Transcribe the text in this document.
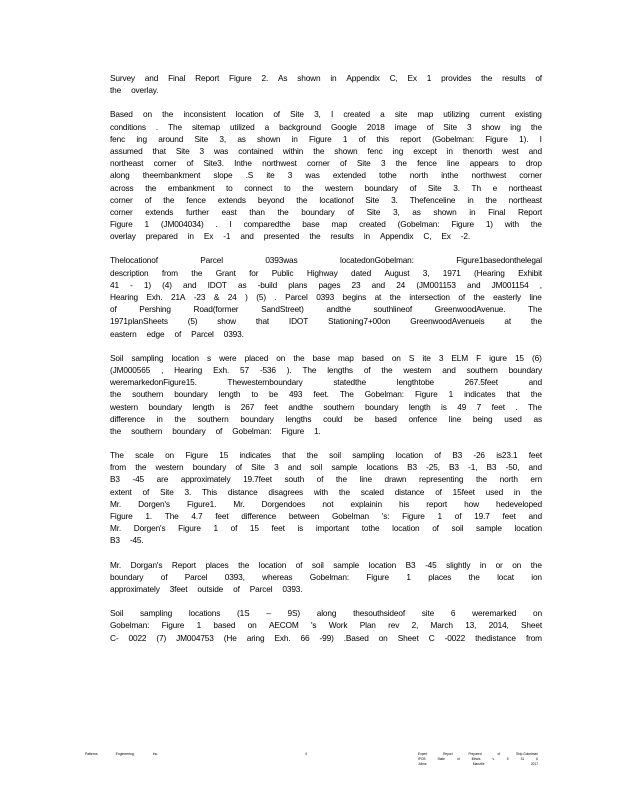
Survey and Final Report Figure 2. As shown in Appendix C, Ex 1 provides the results of
the overlay.
Based on the inconsistent location of Site 3, I created a site map utilizing current existing
conditions . The sitemap utilized a background Google 2018 image of Site 3 show ing the
fenc ing around Site 3, as shown in Figure 1 of this report (Gobelman: Figure 1). I
assumed that Site 3 was contained within the shown fenc ing except in thenorth west and
northeast corner of Site3. Inthe northwest corner of Site 3 the fence line appears to drop
along theembankment slope .S ite 3 was extended tothe north inthe northwest corner
across the embankment to connect to the western boundary of Site 3. Th e northeast
corner of the fence extends beyond the locationof Site 3. Thefenceline in the northeast
corner extends further east than the boundary of Site 3, as shown in Final Report
Figure 1 (JM004034) . I comparedthe base map created (Gobelman: Figure 1) with the
overlay prepared in Ex -1 and presented the results in Appendix C, Ex -2.
Thelocationof	Parcel	0393was	locatedonGobelman:	Figure1basedonthelegal
description from the Grant for Public Highway dated August 3, 1971 (Hearing Exhibit
41 - 1) (4) and IDOT as -build plans pages 23 and 24 (JM001153 and JM001154 ,
Hearing Exh. 21A -23 & 24 ) (5) . Parcel 0393 begins at the intersection of the easterly line
of	Pershing	Road(former	SandStreet)	andthe	southlineof	GreenwoodAvenue.	The
1971planSheets (5) show that IDOT Stationing7+00on GreenwoodAvenueis at the
eastern edge of Parcel 0393.
Soil sampling location s were placed on the base map based on S ite 3 ELM F igure 15 (6)
(JM000565 , Hearing Exh. 57 -536 ). The lengths of the western and southern boundary
weremarkedonFigure15.	Thewesternboundary	statedthe	lengthtobe	267.5feet	and
the southern boundary length to be 493 feet. The Gobelman: Figure 1 indicates that the
western boundary length is 267 feet andthe southern boundary length is 49 7 feet . The
difference in the southern boundary lengths could be based onfence line being used as
the southern boundary of Gobelman: Figure 1.
The scale on Figure 15 indicates that the soil sampling location of B3 -26 is23.1 feet
from the western boundary of Site 3 and soil sample locations B3 -25, B3 -1, B3 -50, and
B3 -45 are approximately 19.7feet south of the line drawn representing the north ern
extent of Site 3. This distance disagrees with the scaled distance of 15feet used in the
Mr. Dorgen's Figure1. Mr. Dorgendoes not explainin his report how hedeveloped
Figure 1. The 4.7 feet difference between Gobelman 's: Figure 1 of 19.7 feet and
Mr. Dorgen's Figure 1 of 15 feet is important tothe location of soil sample location
B3 -45.
Mr. Dorgan's Report places the location of soil sample location B3 -45 slightly in or on the
boundary of Parcel 0393, whereas Gobelman: Figure 1 places the locat ion
approximately 3feet outside of Parcel 0393.
Soil sampling locations (1S – 9S) along thesouthsideof site 6 weremarked on
Gobelman: Figure 1 based on AECOM 's Work Plan rev 2, March 13, 2014, Sheet
C- 0022 (7) JM004753 (He aring Exh. 66 -99) .Based on Sheet C -0022 thedistance from
Patterns	Engineering,	Inc.	4	Expert	Report	Prepared	of	Ship Gobelman
IPCB	State	of	Illinois	v.	5	31	6
Johns	Manville	2017
